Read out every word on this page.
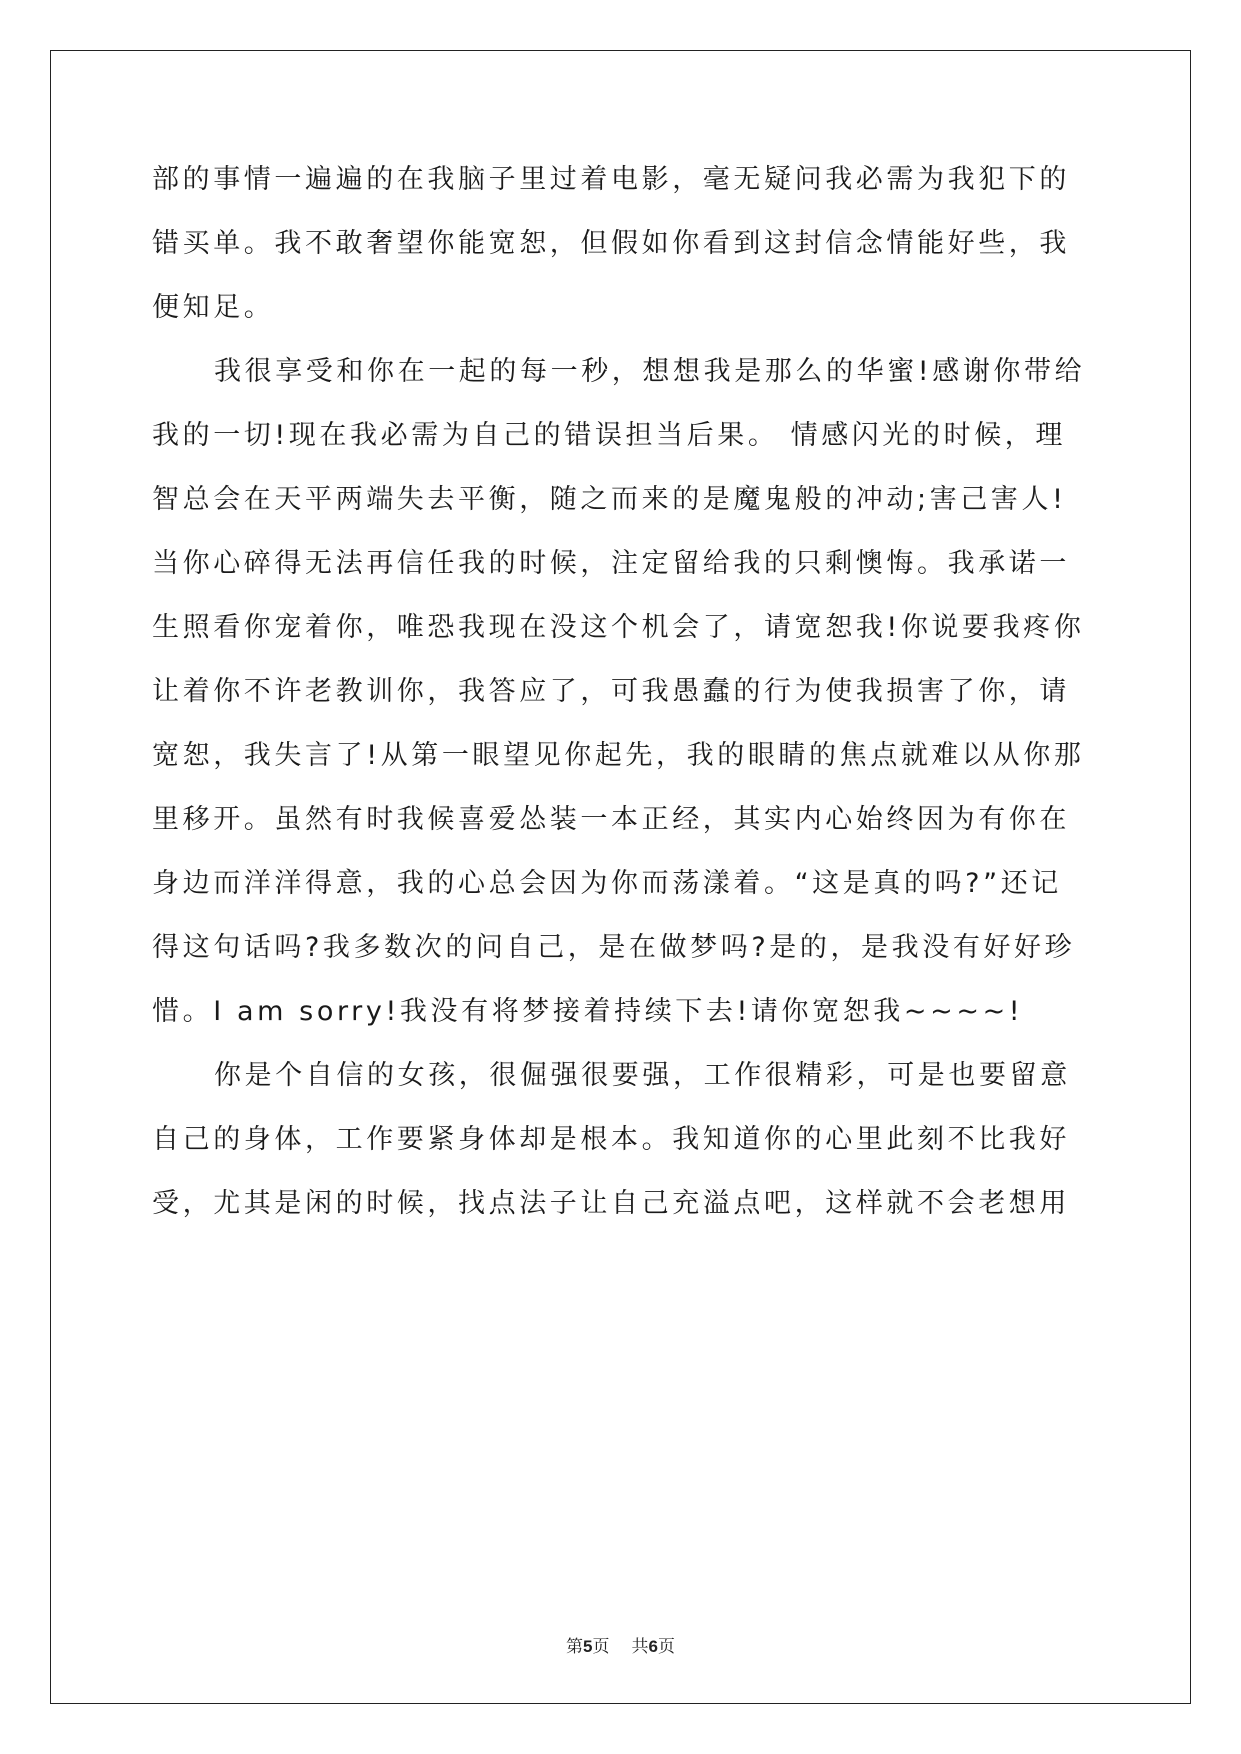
部的事情一遍遍的在我脑子里过着电影，毫无疑问我必需为我犯下的
错买单。我不敢奢望你能宽恕，但假如你看到这封信念情能好些，我
便知足。
我很享受和你在一起的每一秒，想想我是那么的华蜜!感谢你带给
我的一切!现在我必需为自己的错误担当后果。 情感闪光的时候，理
智总会在天平两端失去平衡，随之而来的是魔鬼般的冲动;害己害人!
当你心碎得无法再信任我的时候，注定留给我的只剩懊悔。我承诺一
生照看你宠着你，唯恐我现在没这个机会了，请宽恕我!你说要我疼你
让着你不许老教训你，我答应了，可我愚蠢的行为使我损害了你，请
宽恕，我失言了!从第一眼望见你起先，我的眼睛的焦点就难以从你那
里移开。虽然有时我候喜爱怂装一本正经，其实内心始终因为有你在
身边而洋洋得意，我的心总会因为你而荡漾着。“这是真的吗?”还记
得这句话吗?我多数次的问自己，是在做梦吗?是的，是我没有好好珍
惜。I am sorry!我没有将梦接着持续下去!请你宽恕我~~~~!
你是个自信的女孩，很倔强很要强，工作很精彩，可是也要留意
自己的身体，工作要紧身体却是根本。我知道你的心里此刻不比我好
受，尤其是闲的时候，找点法子让自己充溢点吧，这样就不会老想用
第5页 共6页
